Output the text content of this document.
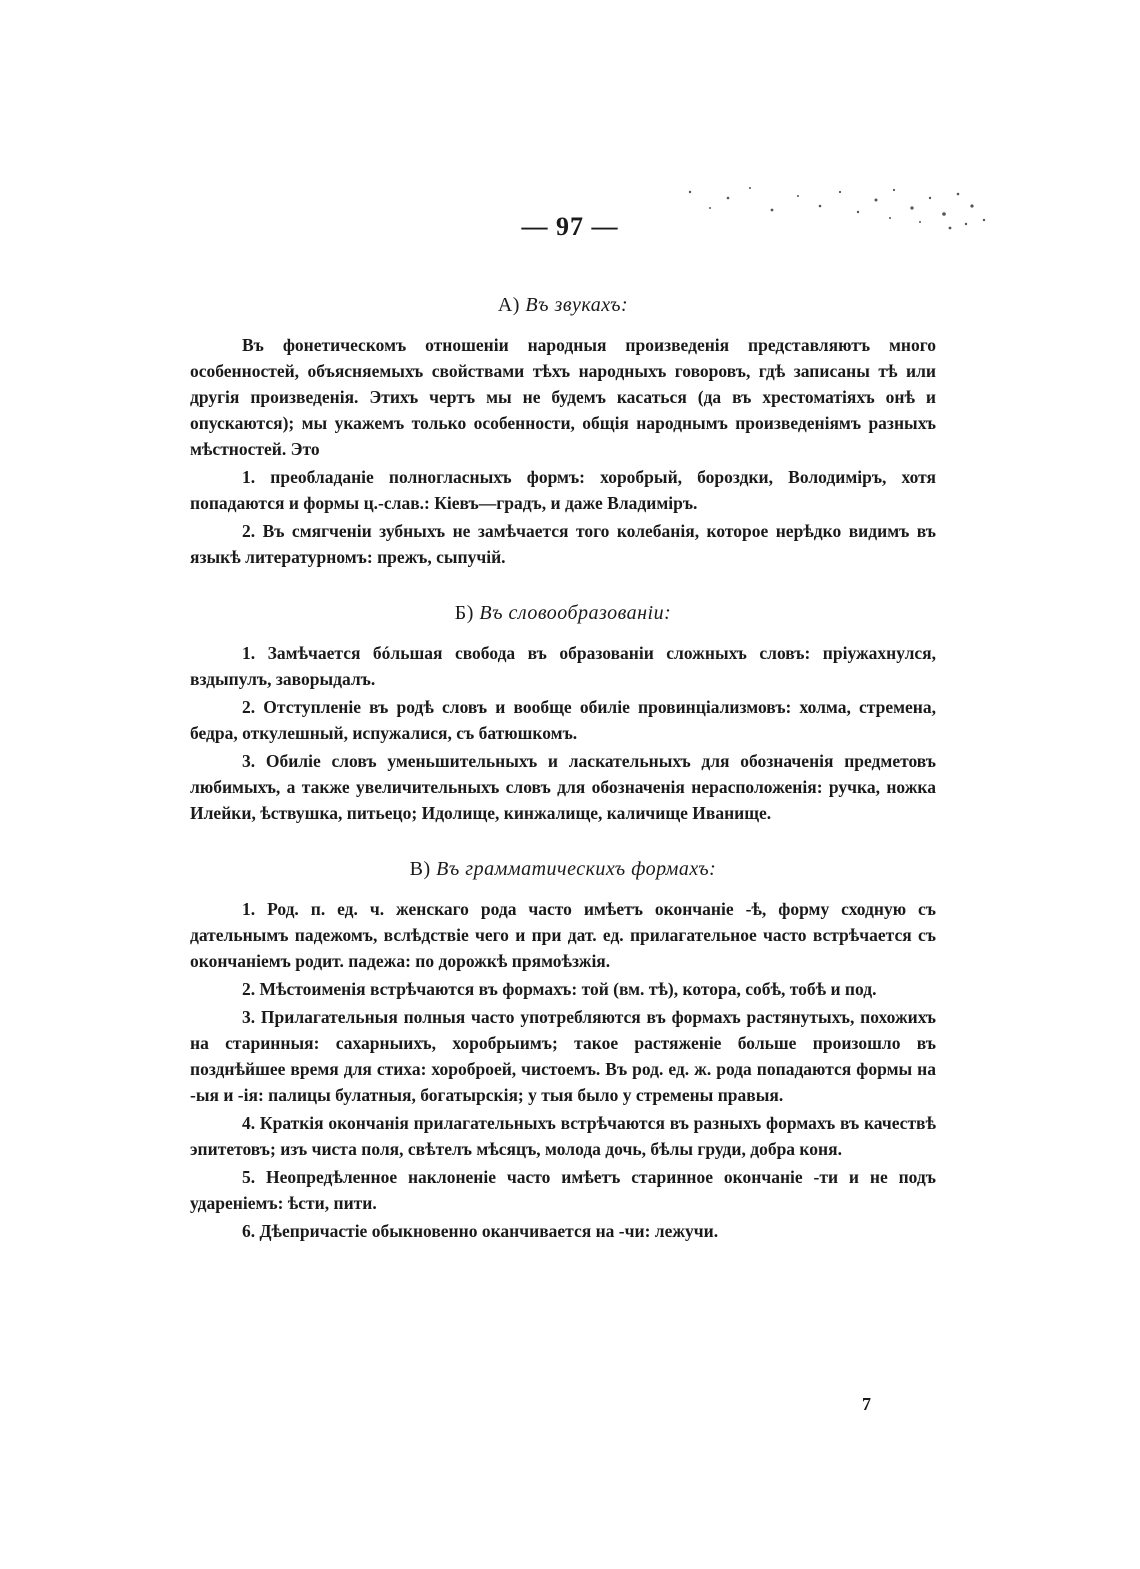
— 97 —
А) Въ звукахъ:

Въ фонетическомъ отношеніи народныя произведенія представляютъ много особенностей, объясняемыхъ свойствами тѣхъ народныхъ говоровъ, гдѣ записаны тѣ или другія произведенія. Этихъ чертъ мы не будемъ касаться (да въ хрестоматіяхъ онѣ и опускаются); мы укажемъ только особенности, общія народнымъ произведеніямъ разныхъ мѣстностей. Это

1. преобладаніе полногласныхъ формъ: хоробрый, бороздки, Володиміръ, хотя попадаются и формы ц.-слав.: Кіевъ—градъ, и даже Владиміръ.

2. Въ смягченіи зубныхъ не замѣчается того колебанія, которое нерѣдко видимъ въ языкѣ литературномъ: прежъ, сыпучій.

Б) Въ словообразованіи:

1. Замѣчается бóльшая свобода въ образованіи сложныхъ словъ: пріужахнулся, вздыпулъ, заворыдалъ.

2. Отступленіе въ родѣ словъ и вообще обиліе провинціализмовъ: холма, стремена, бедра, откулешный, испужалися, съ батюшкомъ.

3. Обиліе словъ уменьшительныхъ и ласкательныхъ для обозначенія предметовъ любимыхъ, а также увеличительныхъ словъ для обозначенія нерасположенія: ручка, ножка Илейки, ѣствушка, питьецо; Идолище, кинжалище, каличище Иванище.

В) Въ грамматическихъ формахъ:

1. Род. п. ед. ч. женскаго рода часто имѣетъ окончаніе -ѣ, форму сходную съ дательнымъ падежомъ, вслѣдствіе чего и при дат. ед. прилагательное часто встрѣчается съ окончаніемъ родит. падежа: по дорожкѣ прямоѣзжія.

2. Мѣстоименія встрѣчаются въ формахъ: той (вм. тѣ), котора, собѣ, тобѣ и под.

3. Прилагательныя полныя часто употребляются въ формахъ растянутыхъ, похожихъ на старинныя: сахарныихъ, хоробрыимъ; такое растяженіе больше произошло въ позднѣйшее время для стиха: хороброей, чистоемъ. Въ род. ед. ж. рода попадаются формы на -ыя и -ія: палицы булатныя, богатырскія; у тыя было у стремены правыя.

4. Краткія окончанія прилагательныхъ встрѣчаются въ разныхъ формахъ въ качествѣ эпитетовъ; изъ чиста поля, свѣтелъ мѣсяцъ, молода дочь, бѣлы груди, добра коня.

5. Неопредѣленное наклоненіе часто имѣетъ старинное окончаніе -ти и не подъ удареніемъ: ѣсти, пити.

6. Дѣепричастіе обыкновенно оканчивается на -чи: лежучи.

7
